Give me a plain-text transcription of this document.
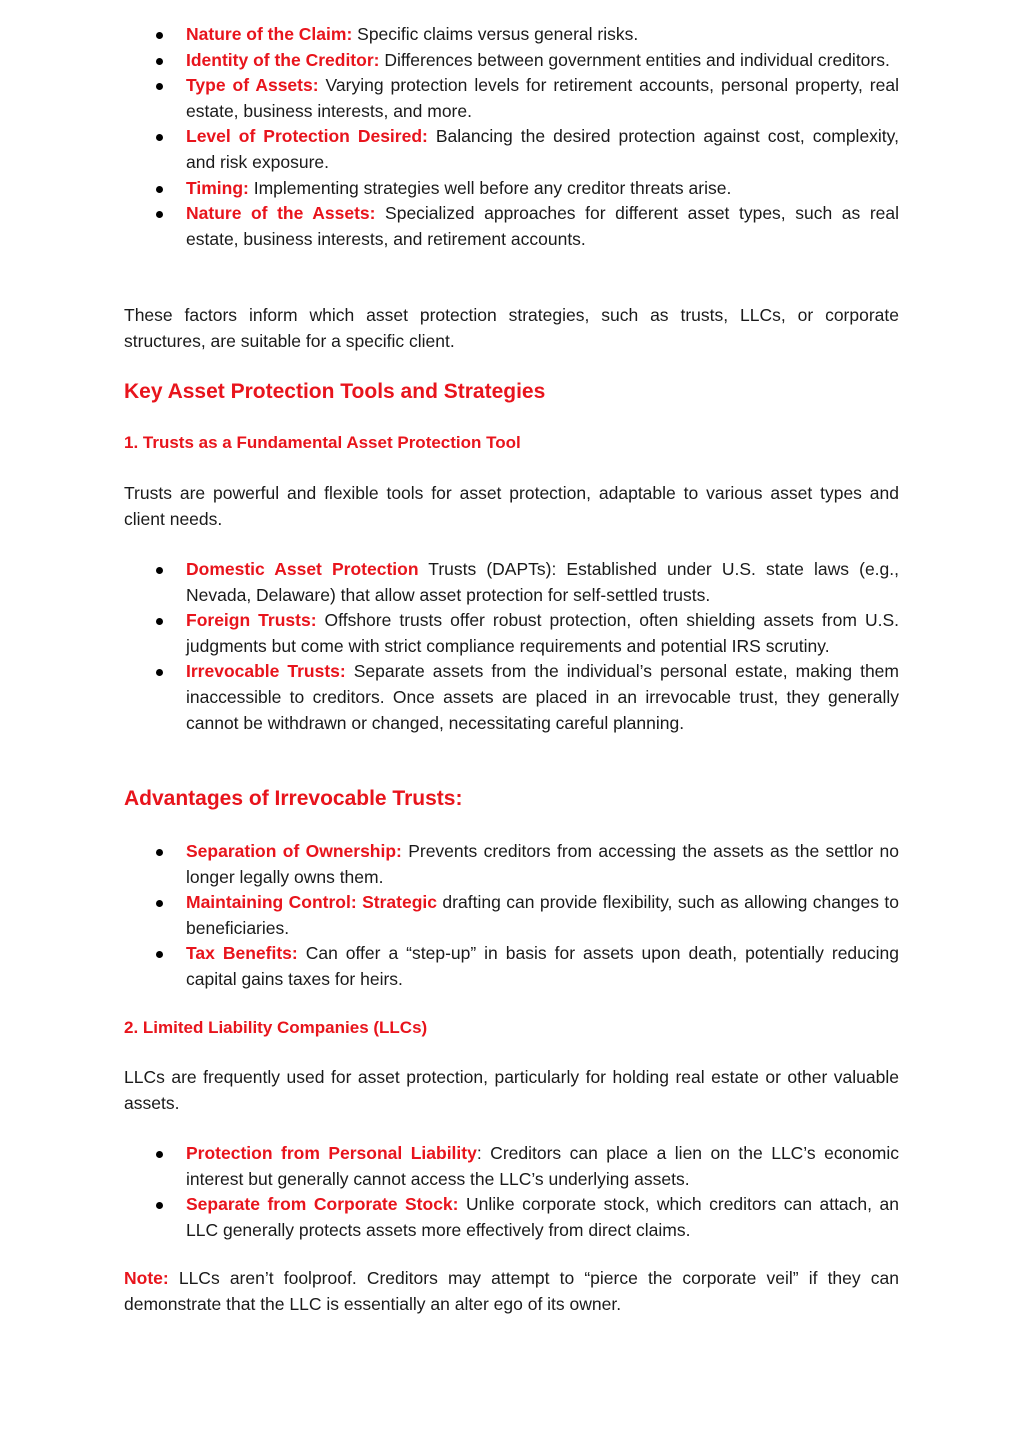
Nature of the Claim: Specific claims versus general risks.
Identity of the Creditor: Differences between government entities and individual creditors.
Type of Assets: Varying protection levels for retirement accounts, personal property, real estate, business interests, and more.
Level of Protection Desired: Balancing the desired protection against cost, complexity, and risk exposure.
Timing: Implementing strategies well before any creditor threats arise.
Nature of the Assets: Specialized approaches for different asset types, such as real estate, business interests, and retirement accounts.

These factors inform which asset protection strategies, such as trusts, LLCs, or corporate structures, are suitable for a specific client.

Key Asset Protection Tools and Strategies
1. Trusts as a Fundamental Asset Protection Tool

Trusts are powerful and flexible tools for asset protection, adaptable to various asset types and client needs.

Domestic Asset Protection Trusts (DAPTs): Established under U.S. state laws (e.g., Nevada, Delaware) that allow asset protection for self-settled trusts.
Foreign Trusts: Offshore trusts offer robust protection, often shielding assets from U.S. judgments but come with strict compliance requirements and potential IRS scrutiny.
Irrevocable Trusts: Separate assets from the individual’s personal estate, making them inaccessible to creditors. Once assets are placed in an irrevocable trust, they generally cannot be withdrawn or changed, necessitating careful planning.
Advantages of Irrevocable Trusts:
Separation of Ownership: Prevents creditors from accessing the assets as the settlor no longer legally owns them.
Maintaining Control: Strategic drafting can provide flexibility, such as allowing changes to beneficiaries.
Tax Benefits: Can offer a “step-up” in basis for assets upon death, potentially reducing capital gains taxes for heirs.
2. Limited Liability Companies (LLCs)

LLCs are frequently used for asset protection, particularly for holding real estate or other valuable assets.

Protection from Personal Liability: Creditors can place a lien on the LLC’s economic interest but generally cannot access the LLC’s underlying assets.
Separate from Corporate Stock: Unlike corporate stock, which creditors can attach, an LLC generally protects assets more effectively from direct claims.

Note: LLCs aren’t foolproof. Creditors may attempt to “pierce the corporate veil” if they can demonstrate that the LLC is essentially an alter ego of its owner.
